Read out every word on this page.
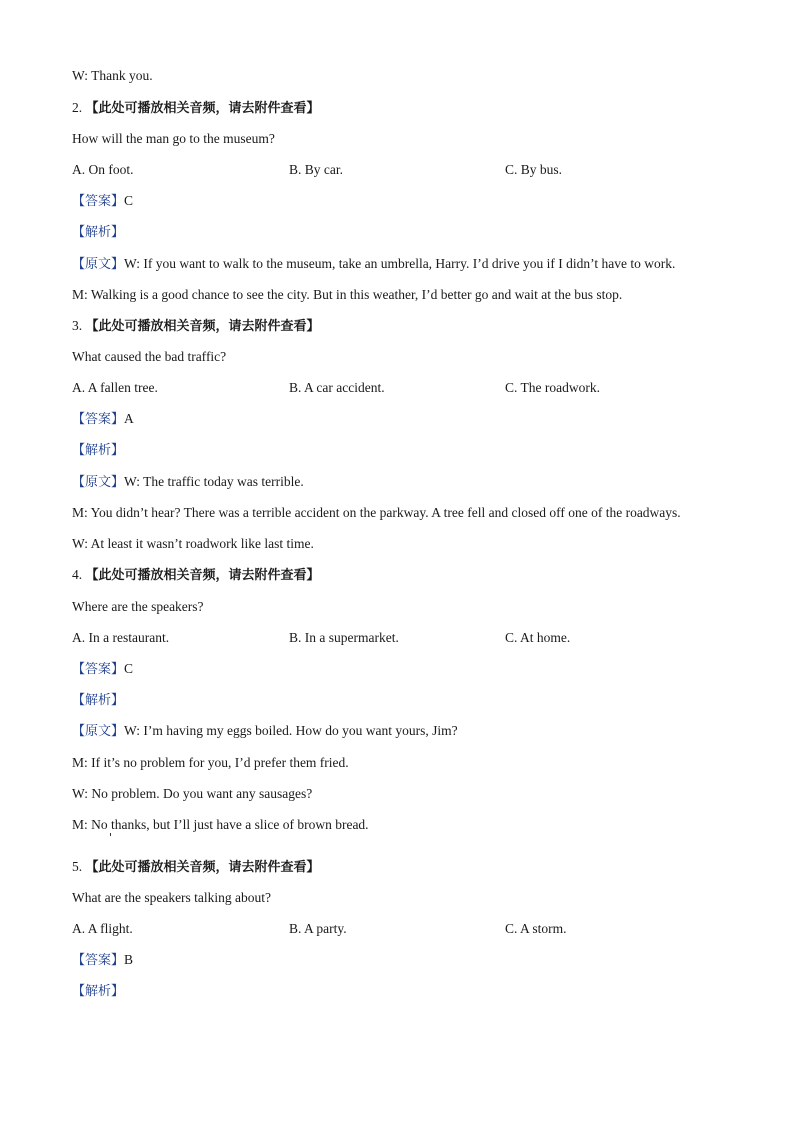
W: Thank you.
2. 【此处可播放相关音频，请去附件查看】
How will the man go to the museum?
A. On foot.	B. By car.	C. By bus.
【答案】C
【解析】
【原文】W: If you want to walk to the museum, take an umbrella, Harry. I’d drive you if I didn’t have to work.
M: Walking is a good chance to see the city. But in this weather, I’d better go and wait at the bus stop.
3. 【此处可播放相关音频，请去附件查看】
What caused the bad traffic?
A. A fallen tree.	B. A car accident.	C. The roadwork.
【答案】A
【解析】
【原文】W: The traffic today was terrible.
M: You didn’t hear? There was a terrible accident on the parkway. A tree fell and closed off one of the roadways.
W: At least it wasn’t roadwork like last time.
4. 【此处可播放相关音频，请去附件查看】
Where are the speakers?
A. In a restaurant.	B. In a supermarket.	C. At home.
【答案】C
【解析】
【原文】W: I’m having my eggs boiled. How do you want yours, Jim?
M: If it’s no problem for you, I’d prefer them fried.
W: No problem. Do you want any sausages?
M: No thanks, but I’ll just have a slice of brown bread.
5. 【此处可播放相关音频，请去附件查看】
What are the speakers talking about?
A. A flight.	B. A party.	C. A storm.
【答案】B
【解析】
